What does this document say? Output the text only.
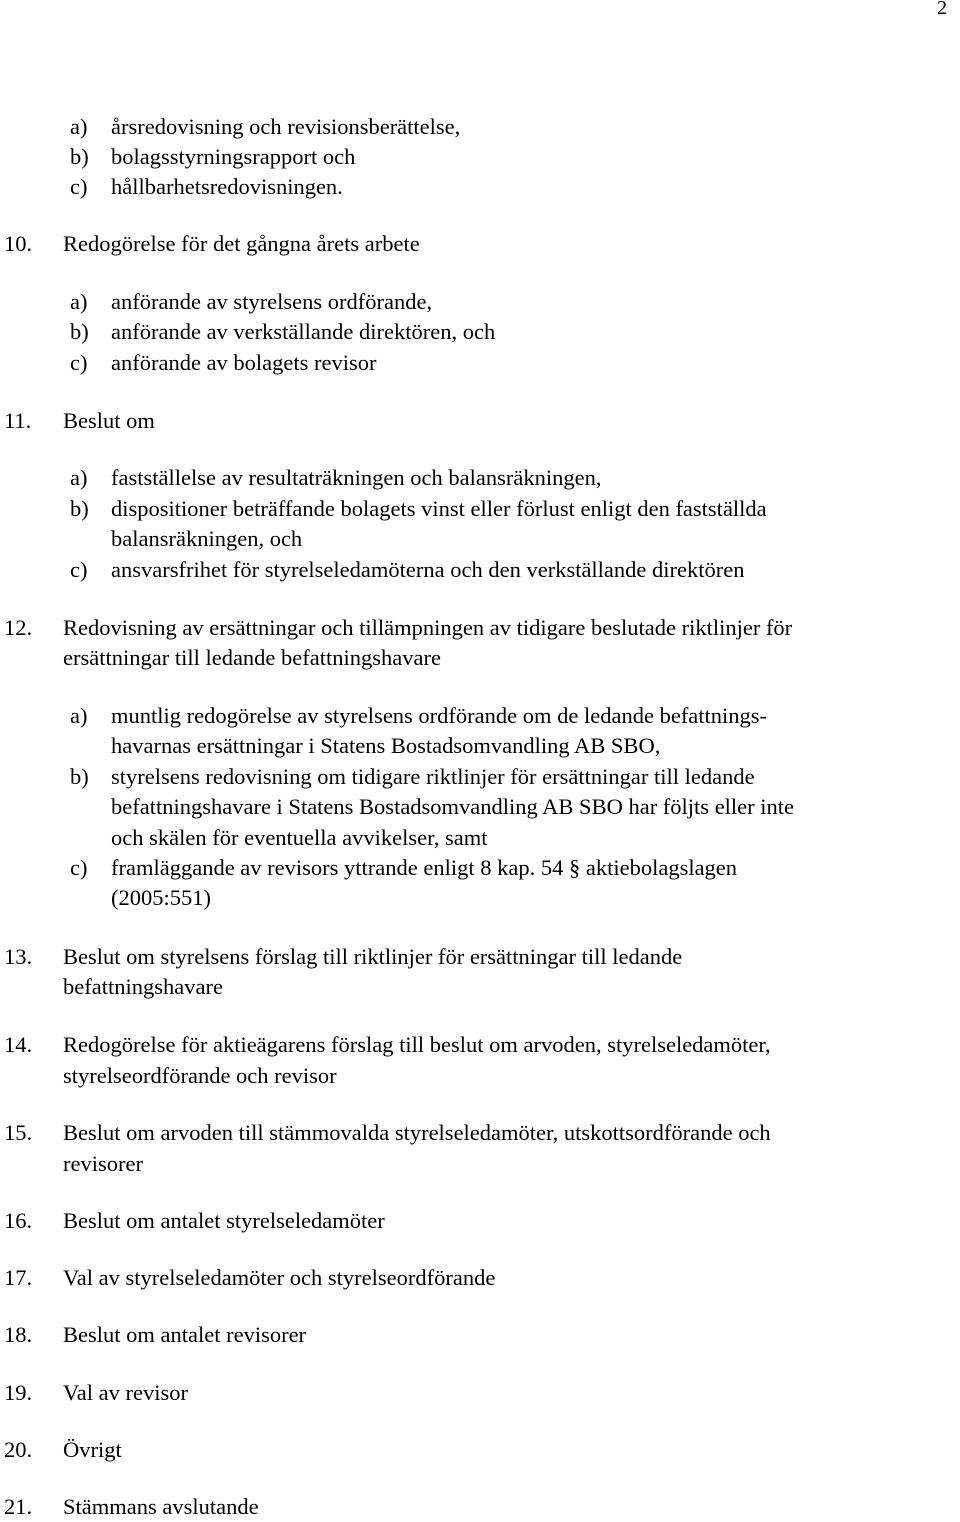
2
a) årsredovisning och revisionsberättelse,
b) bolagsstyrningsrapport och
c) hållbarhetsredovisningen.
10. Redogörelse för det gångna årets arbete
a) anförande av styrelsens ordförande,
b) anförande av verkställande direktören, och
c) anförande av bolagets revisor
11. Beslut om
a) fastställelse av resultaträkningen och balansräkningen,
b) dispositioner beträffande bolagets vinst eller förlust enligt den fastställda
balansräkningen, och
c) ansvarsfrihet för styrelseledamöterna och den verkställande direktören
12. Redovisning av ersättningar och tillämpningen av tidigare beslutade riktlinjer för
ersättningar till ledande befattningshavare
a) muntlig redogörelse av styrelsens ordförande om de ledande befattnings-
havarnas ersättningar i Statens Bostadsomvandling AB SBO,
b) styrelsens redovisning om tidigare riktlinjer för ersättningar till ledande
befattningshavare i Statens Bostadsomvandling AB SBO har följts eller inte
och skälen för eventuella avvikelser, samt
c) framläggande av revisors yttrande enligt 8 kap. 54 § aktiebolagslagen
(2005:551)
13. Beslut om styrelsens förslag till riktlinjer för ersättningar till ledande
befattningshavare
14. Redogörelse för aktieägarens förslag till beslut om arvoden, styrelseledamöter,
styrelseordförande och revisor
15. Beslut om arvoden till stämmovalda styrelseledamöter, utskottsordförande och
revisorer
16. Beslut om antalet styrelseledamöter
17. Val av styrelseledamöter och styrelseordförande
18. Beslut om antalet revisorer
19. Val av revisor
20. Övrigt
21. Stämmans avslutande
